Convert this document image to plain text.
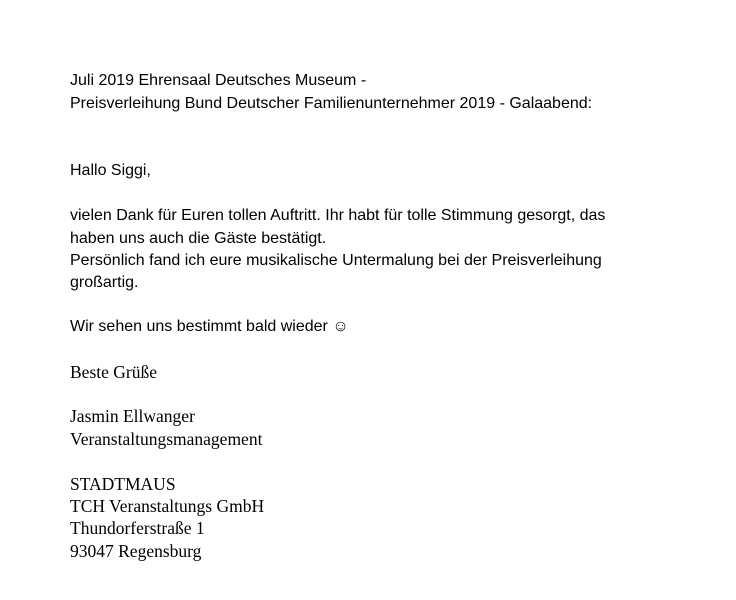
Juli 2019 Ehrensaal Deutsches Museum -

Preisverleihung Bund Deutscher Familienunternehmer 2019 - Galaabend:

Hallo Siggi,

vielen Dank für Euren tollen Auftritt. Ihr habt für tolle Stimmung gesorgt, das

haben uns auch die Gäste bestätigt.

Persönlich fand ich eure musikalische Untermalung bei der Preisverleihung

großartig.

Wir sehen uns bestimmt bald wieder ☺

Beste Grüße

Jasmin Ellwanger

Veranstaltungsmanagement

STADTMAUS

TCH Veranstaltungs GmbH

Thundorferstraße 1

93047 Regensburg
